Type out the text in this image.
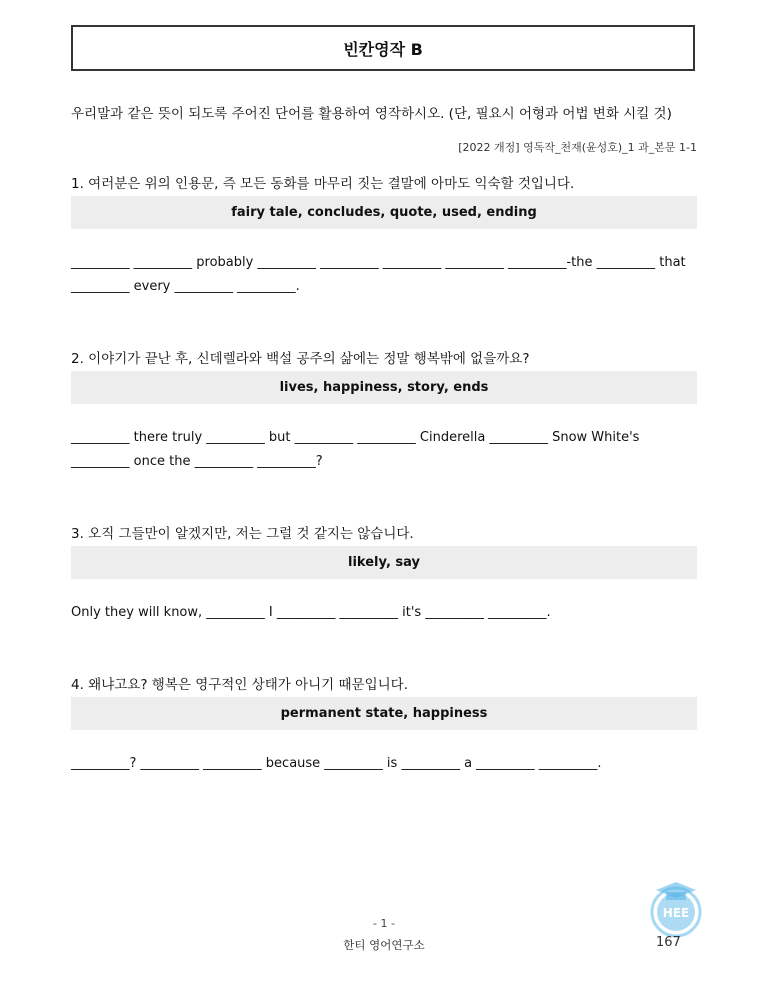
빈칸영작 B
우리말과 같은 뜻이 되도록 주어진 단어를 활용하여 영작하시오. (단, 필요시 어형과 어법 변화 시킬 것)
[2022 개정] 영독작_천재(윤성호)_1 과_본문 1-1
1. 여러분은 위의 인용문, 즉 모든 동화를 마무리 짓는 결말에 아마도 익숙할 것입니다.
fairy tale, concludes, quote, used, ending
_________ _________ probably _________ _________ _________ _________ _________-the _________ that _________ every _________ _________.
2. 이야기가 끝난 후, 신데렐라와 백설 공주의 삶에는 정말 행복밖에 없을까요?
lives, happiness, story, ends
_________ there truly _________ but _________ _________ Cinderella _________ Snow White's _________ once the _________ _________?
3. 오직 그들만이 알겠지만, 저는 그럴 것 같지는 않습니다.
likely, say
Only they will know, _________ I _________ _________ it's _________ _________.
4. 왜냐고요? 행복은 영구적인 상태가 아니기 때문입니다.
permanent state, happiness
_________? _________ _________ because _________ is _________ a _________ _________.
HEE
- 1 -
한티 영어연구소	167
